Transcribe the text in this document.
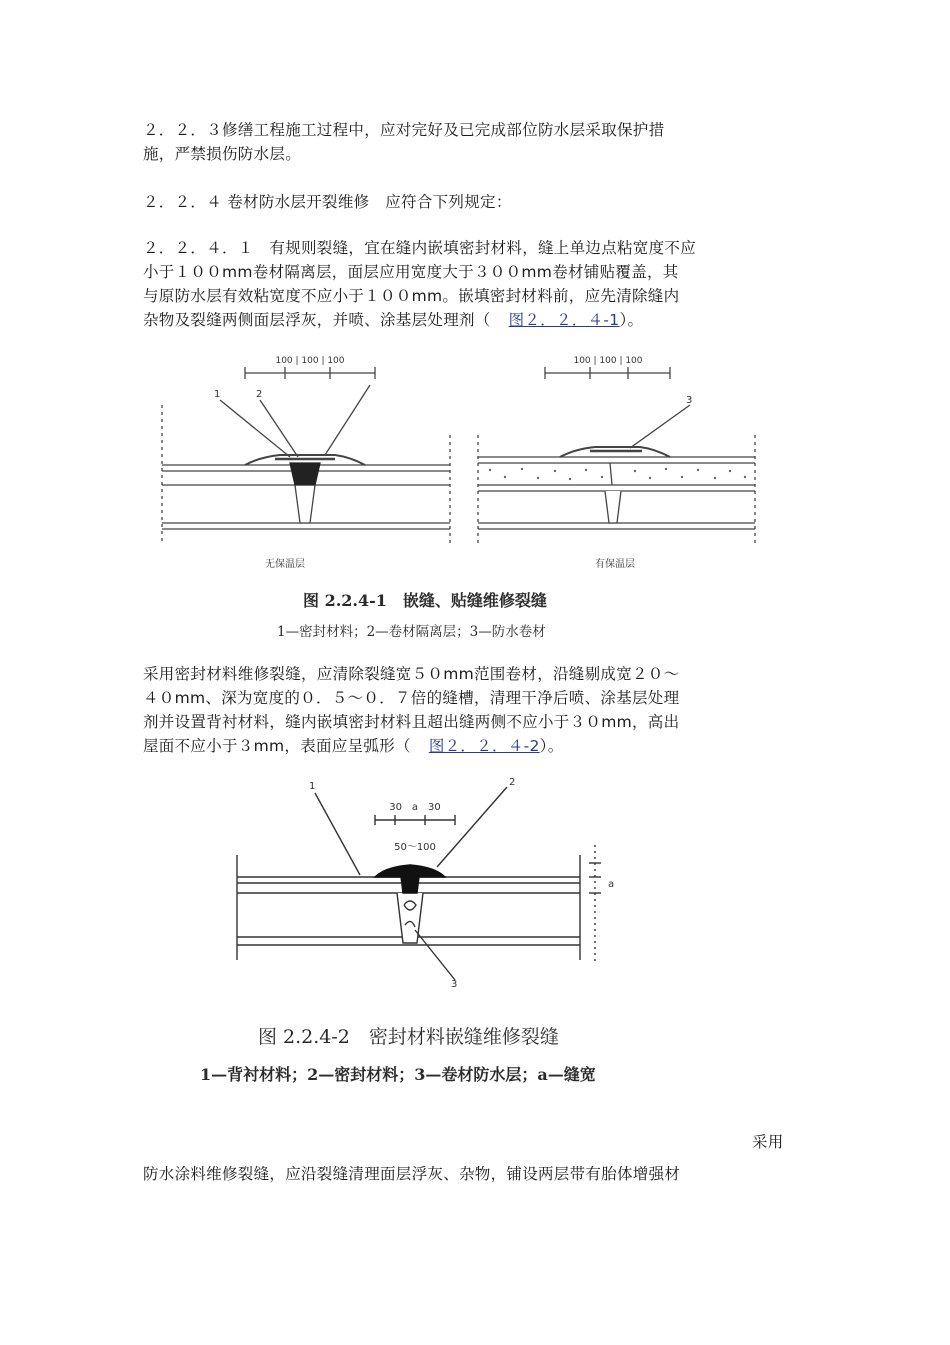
２．２．３修缮工程施工过程中，应对完好及已完成部位防水层采取保护措
施，严禁损伤防水层。
２．２．４ 卷材防水层开裂维修　应符合下列规定：
２．２．４．１　有规则裂缝，宜在缝内嵌填密封材料，缝上单边点粘宽度不应
小于１００mm卷材隔离层，面层应用宽度大于３００mm卷材铺贴覆盖，其
与原防水层有效粘宽度不应小于１００mm。嵌填密封材料前，应先清除缝内
杂物及裂缝两侧面层浮灰，并喷、涂基层处理剂（ 图２．２．４-1）。
100 | 100 | 100	100 | 100 | 100
1	2
3
无保温层	有保温层
图 2.2.4-1　嵌缝、贴缝维修裂缝
1—密封材料；2—卷材隔离层；3—防水卷材
采用密封材料维修裂缝，应清除裂缝宽５０mm范围卷材，沿缝剔成宽２０～
４０mm、深为宽度的０．５～０．７倍的缝槽，清理干净后喷、涂基层处理
剂并设置背衬材料，缝内嵌填密封材料且超出缝两侧不应小于３０mm，高出
屋面不应小于３mm，表面应呈弧形（ 图２．２．４-2）。
30　a　30
50～100
1	2
3
a
图 2.2.4-2　密封材料嵌缝维修裂缝
1—背衬材料；2—密封材料；3—卷材防水层；a—缝宽
采用
防水涂料维修裂缝，应沿裂缝清理面层浮灰、杂物，铺设两层带有胎体增强材
